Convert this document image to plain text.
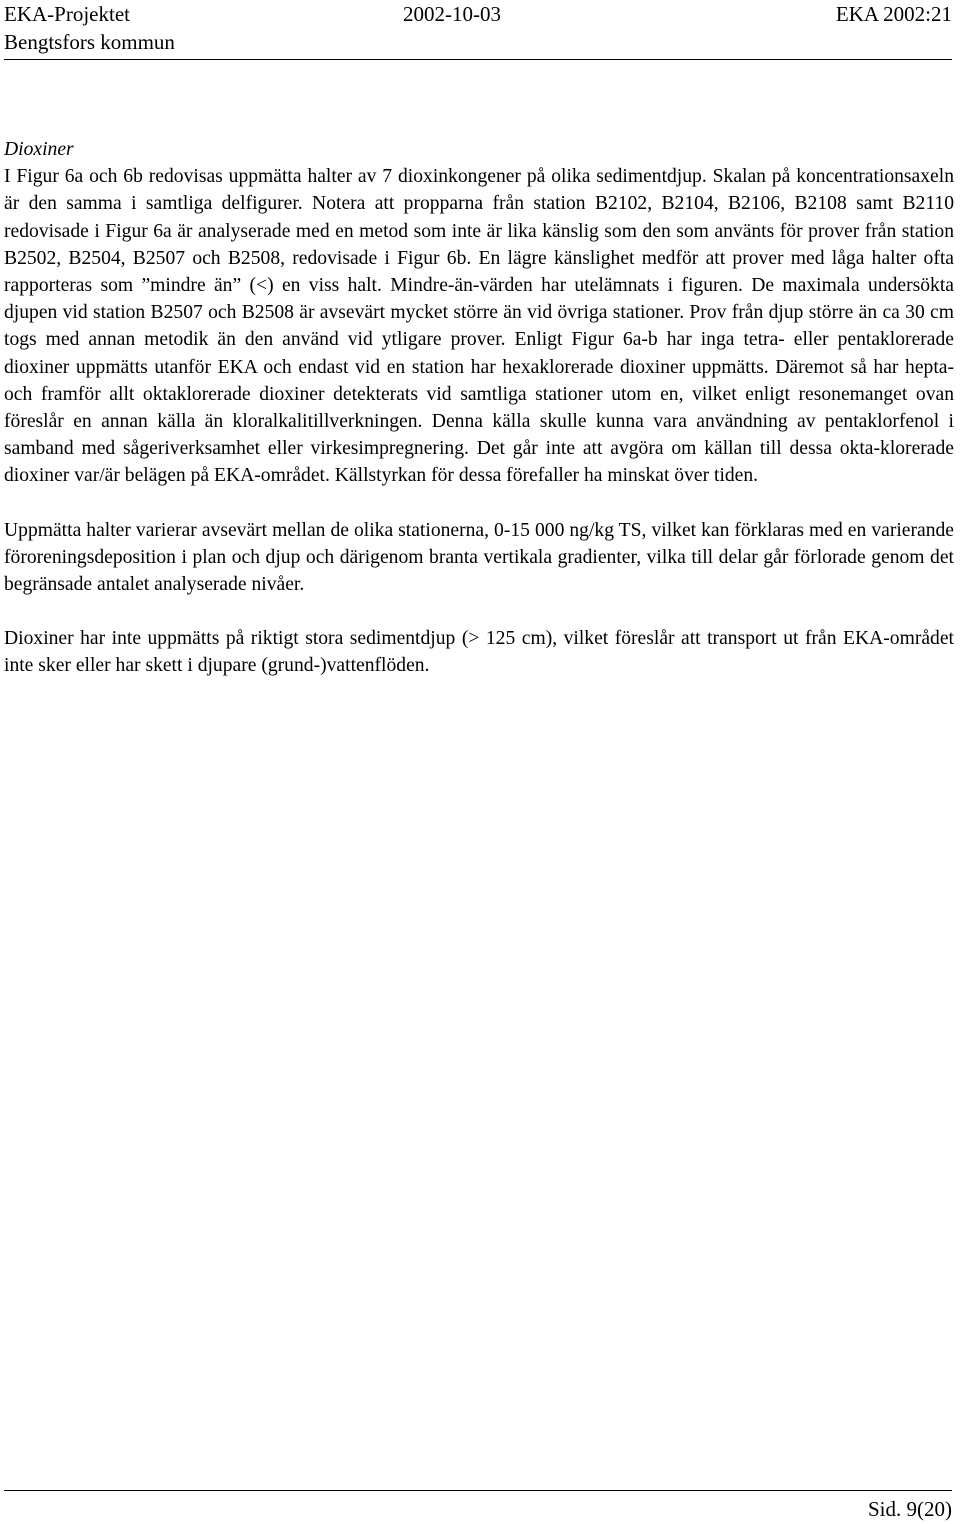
EKA-Projektet	2002-10-03	EKA 2002:21
Bengtsfors kommun

Dioxiner

I Figur 6a och 6b redovisas uppmätta halter av 7 dioxinkongener på olika sedimentdjup. Skalan på koncentrationsaxeln är den samma i samtliga delfigurer. Notera att propparna från station B2102, B2104, B2106, B2108 samt B2110 redovisade i Figur 6a är analyserade med en metod som inte är lika känslig som den som använts för prover från station B2502, B2504, B2507 och B2508, redovisade i Figur 6b. En lägre känslighet medför att prover med låga halter ofta rapporteras som ”mindre än” (<) en viss halt. Mindre-än-värden har utelämnats i figuren. De maximala undersökta djupen vid station B2507 och B2508 är avsevärt mycket större än vid övriga stationer. Prov från djup större än ca 30 cm togs med annan metodik än den använd vid ytligare prover. Enligt Figur 6a-b har inga tetra- eller pentaklorerade dioxiner uppmätts utanför EKA och endast vid en station har hexaklorerade dioxiner uppmätts. Däremot så har hepta- och framför allt oktaklorerade dioxiner detekterats vid samtliga stationer utom en, vilket enligt resonemanget ovan föreslår en annan källa än kloralkalitillverkningen. Denna källa skulle kunna vara användning av pentaklorfenol i samband med sågeriverksamhet eller virkesimpregnering. Det går inte att avgöra om källan till dessa okta-klorerade dioxiner var/är belägen på EKA-området. Källstyrkan för dessa förefaller ha minskat över tiden.

Uppmätta halter varierar avsevärt mellan de olika stationerna, 0-15 000 ng/kg TS, vilket kan förklaras med en varierande föroreningsdeposition i plan och djup och därigenom branta vertikala gradienter, vilka till delar går förlorade genom det begränsade antalet analyserade nivåer.

Dioxiner har inte uppmätts på riktigt stora sedimentdjup (> 125 cm), vilket föreslår att transport ut från EKA-området inte sker eller har skett i djupare (grund-)vattenflöden.

Sid. 9(20)
